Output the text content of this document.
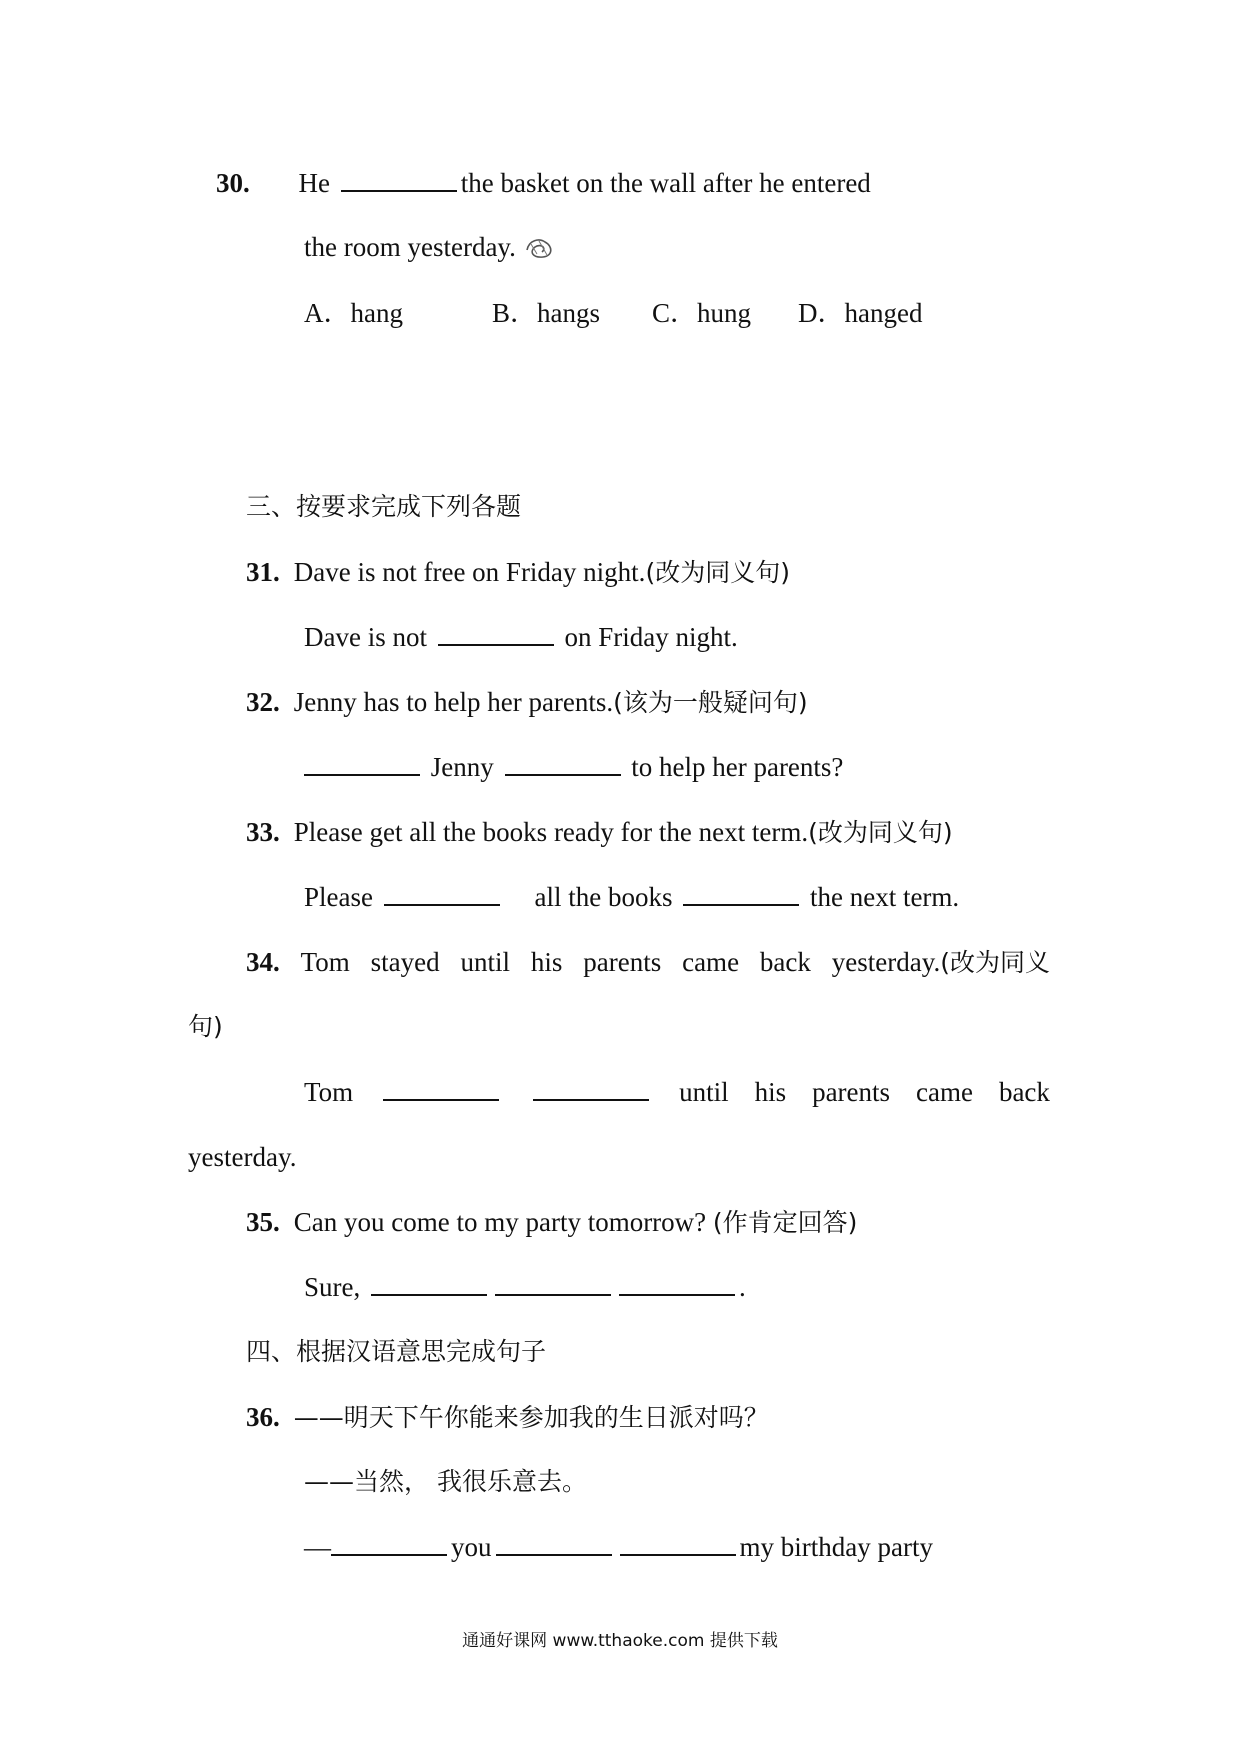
30. He	the basket on the wall after he entered
the room yesterday.
A．hang	B．hangs C．hung D．hanged
三、按要求完成下列各题
31. Dave is not free on Friday night.(改为同义句)
Dave is not	on Friday night.
32. Jenny has to help her parents.(该为一般疑问句)
Jenny	to help her parents?
33. Please get all the books ready for the next term.(改为同义句)
Please	all the books	the next term.
34. Tom stayed until his parents came back yesterday.(改为同义
句)
Tom	until his parents came back
yesterday.
35. Can you come to my party tomorrow? (作肯定回答)
Sure,	.
四、根据汉语意思完成句子
36. ——明天下午你能来参加我的生日派对吗？
——当然， 我很乐意去。
—	you	my birthday party
通通好课网 www.tthaoke.com 提供下载
